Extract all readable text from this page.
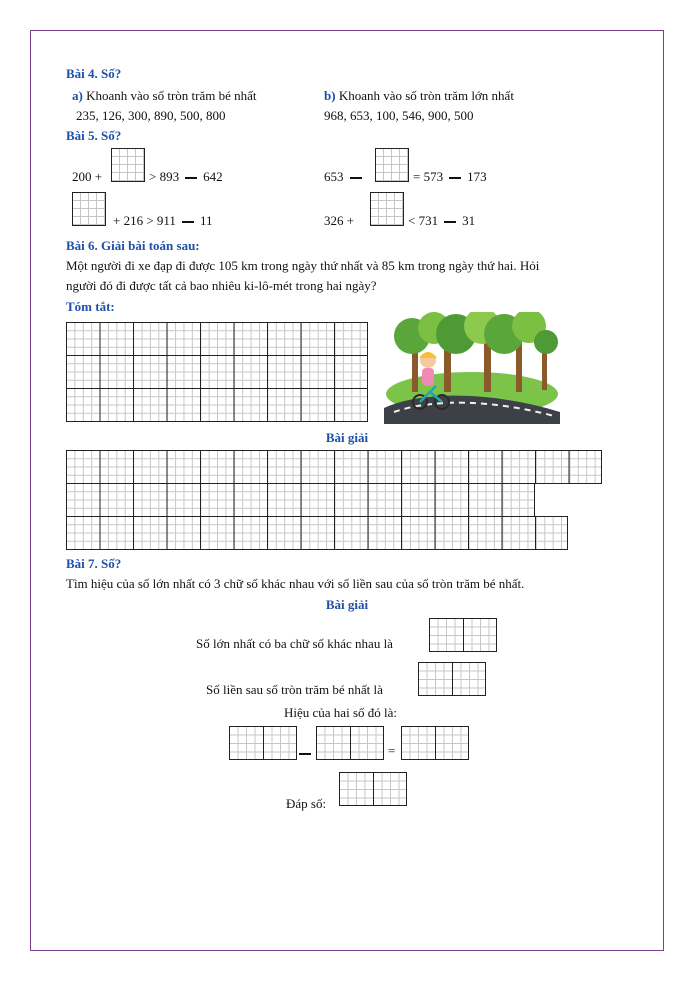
Bài 4. Số?
a) Khoanh vào số tròn trăm bé nhất
235, 126, 300, 890, 500, 800
b) Khoanh vào số tròn trăm lớn nhất
968, 653, 100, 546, 900, 500
Bài 5. Số?
200 +	> 893 642	653	= 573 173
+ 216 > 911 11	326 +	< 731 31
Bài 6. Giải bài toán sau:
Một người đi xe đạp đi được 105 km trong ngày thứ nhất và 85 km trong ngày thứ hai. Hỏi
người đó đi được tất cả bao nhiêu ki-lô-mét trong hai ngày?
Tóm tắt:
Bài giải
Bài 7. Số?
Tìm hiệu của số lớn nhất có 3 chữ số khác nhau với số liền sau của số tròn trăm bé nhất.
Bài giải
Số lớn nhất có ba chữ số khác nhau là
Số liền sau số tròn trăm bé nhất là
Hiệu của hai số đó là:
=
Đáp số:
